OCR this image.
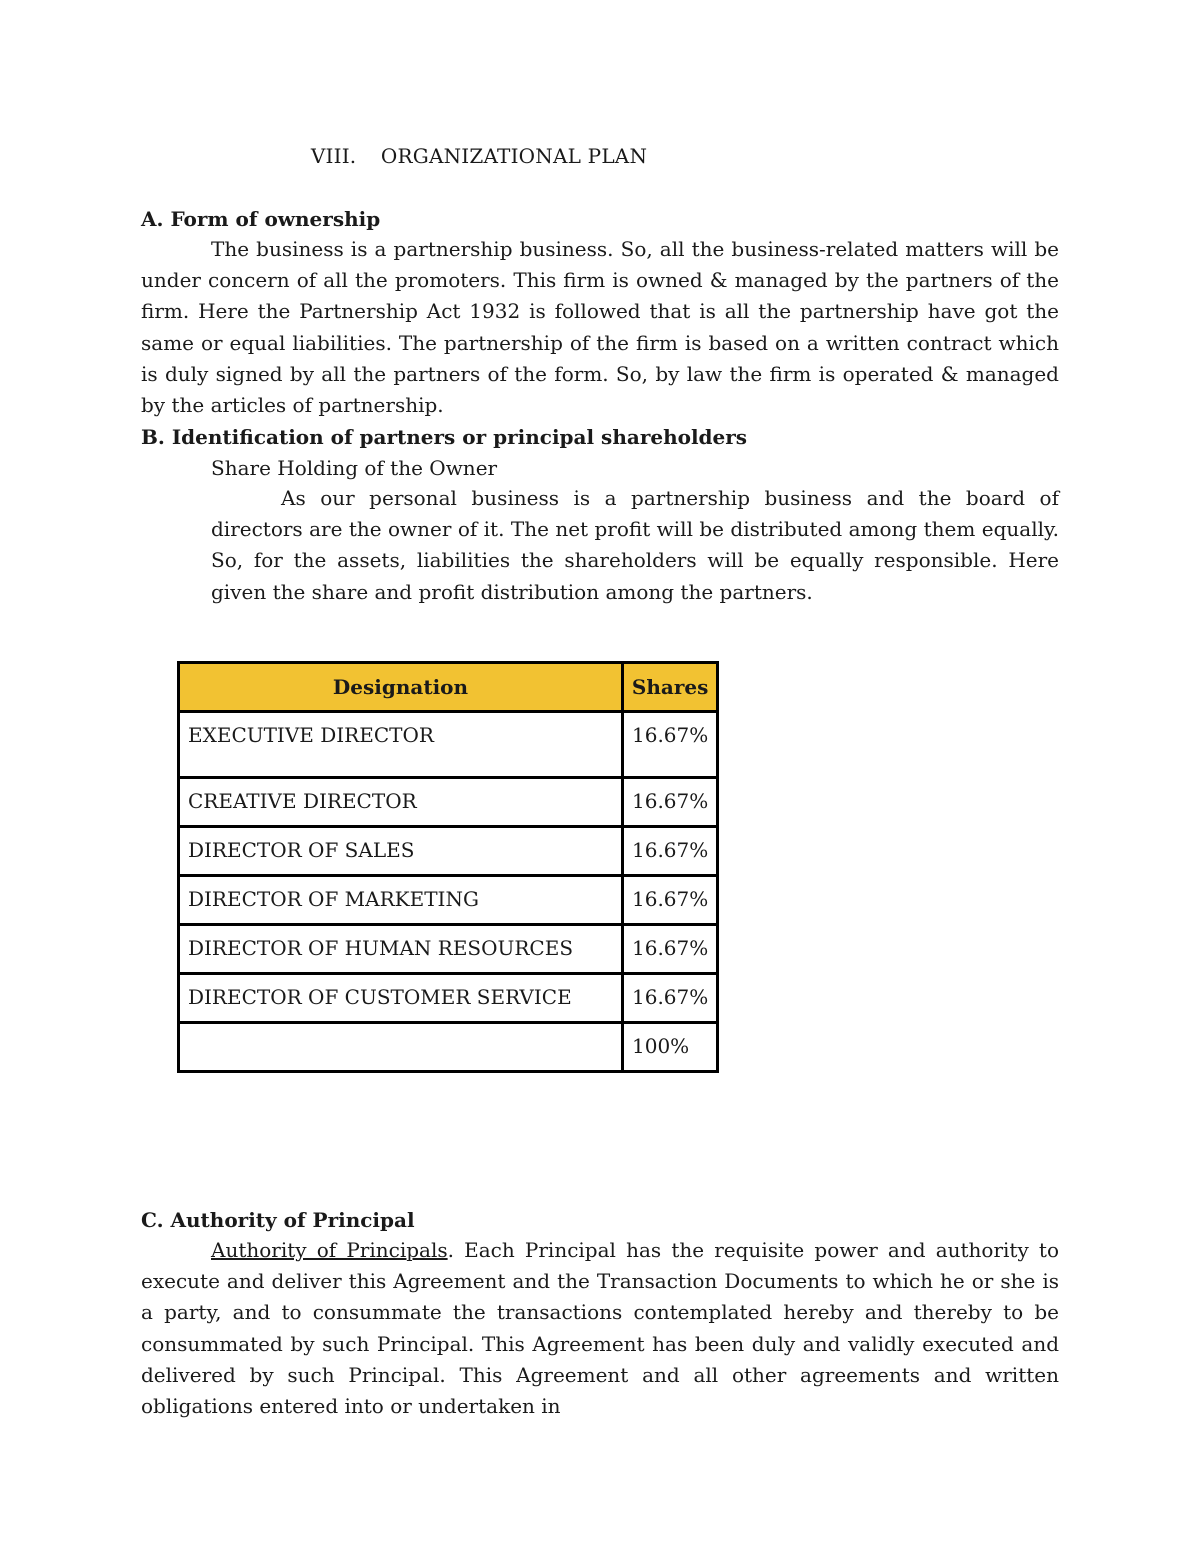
VIII. ORGANIZATIONAL PLAN
A. Form of ownership
The business is a partnership business. So, all the business-related matters will be under concern of all the promoters. This firm is owned & managed by the partners of the firm. Here the Partnership Act 1932 is followed that is all the partnership have got the same or equal liabilities. The partnership of the firm is based on a written contract which is duly signed by all the partners of the form. So, by law the firm is operated & managed by the articles of partnership.
B. Identification of partners or principal shareholders
Share Holding of the Owner
As our personal business is a partnership business and the board of directors are the owner of it. The net profit will be distributed among them equally. So, for the assets, liabilities the shareholders will be equally responsible. Here given the share and profit distribution among the partners.
C. Authority of Principal
Authority of Principals. Each Principal has the requisite power and authority to execute and deliver this Agreement and the Transaction Documents to which he or she is a party, and to consummate the transactions contemplated hereby and thereby to be consummated by such Principal. This Agreement has been duly and validly executed and delivered by such Principal. This Agreement and all other agreements and written obligations entered into or undertaken in
Designation	Shares
EXECUTIVE DIRECTOR	16.67%
CREATIVE DIRECTOR	16.67%
DIRECTOR OF SALES	16.67%
DIRECTOR OF MARKETING	16.67%
DIRECTOR OF HUMAN RESOURCES	16.67%
DIRECTOR OF CUSTOMER SERVICE	16.67%
	100%
